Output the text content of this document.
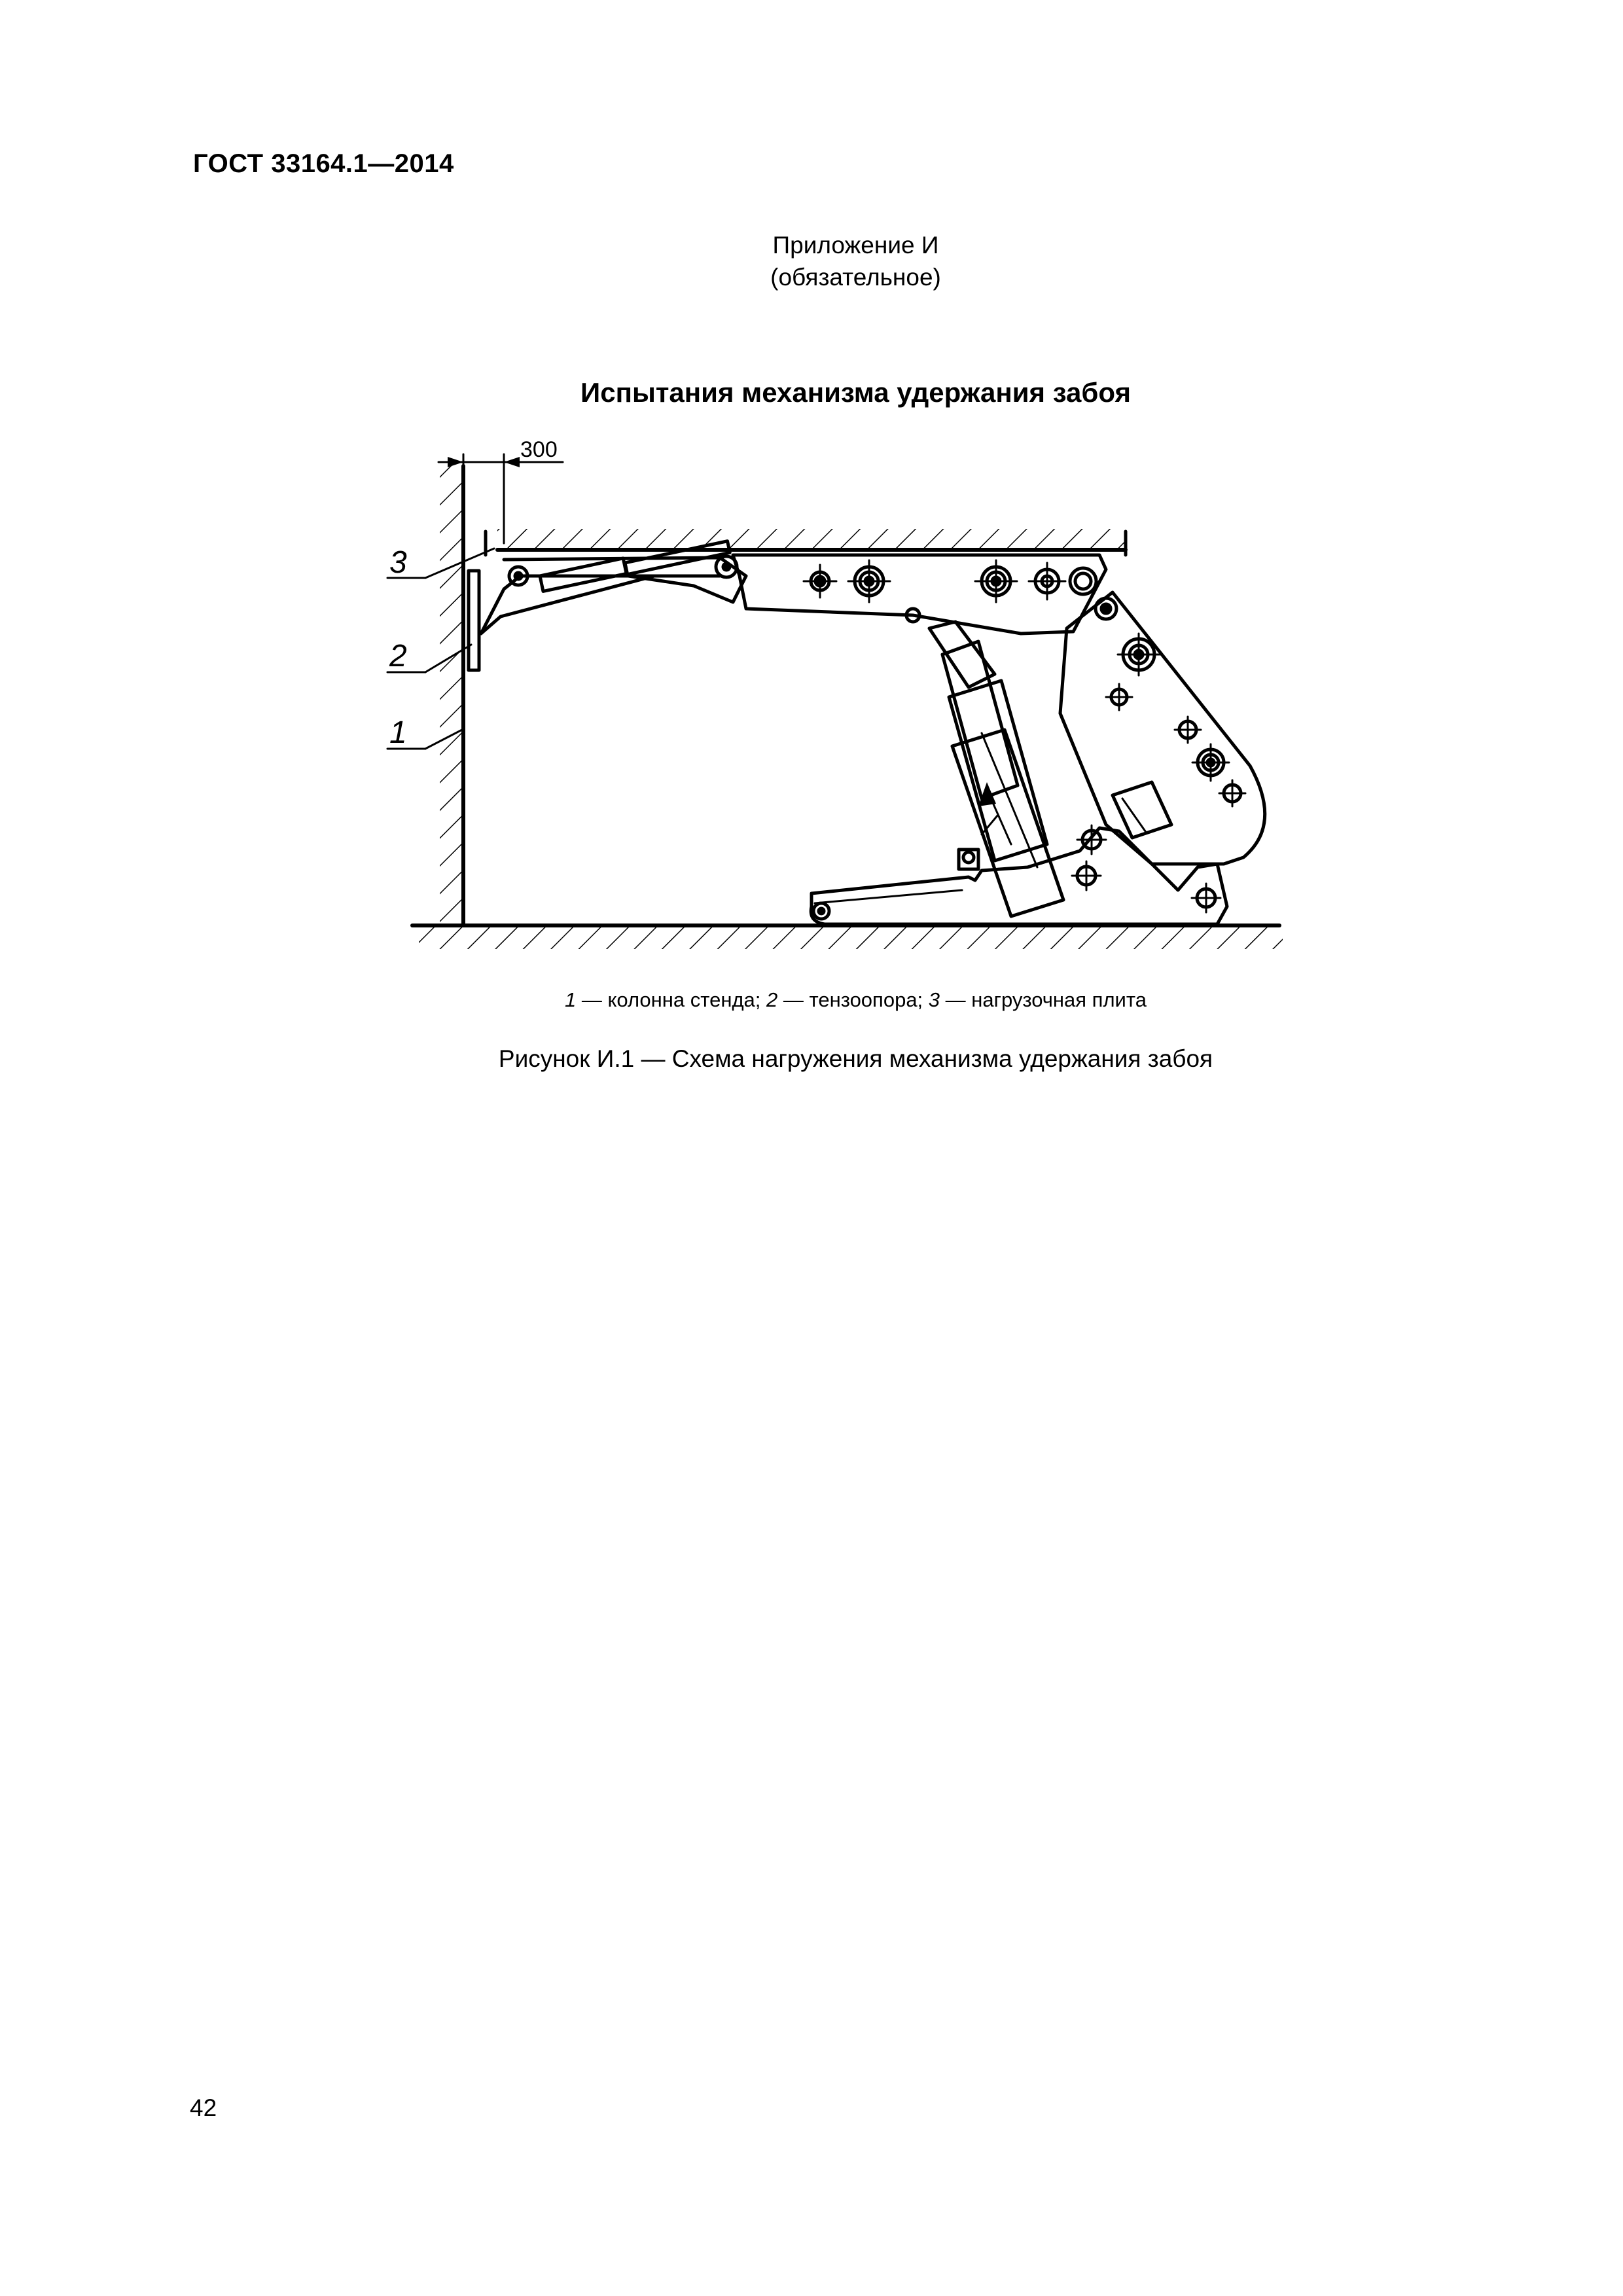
ГОСТ 33164.1—2014
Приложение И
(обязательное)
Испытания механизма удержания забоя
3
2
1
300
1 — колонна стенда; 2 — тензоопора; 3 — нагрузочная плита
Рисунок И.1 — Схема нагружения механизма удержания забоя
42
